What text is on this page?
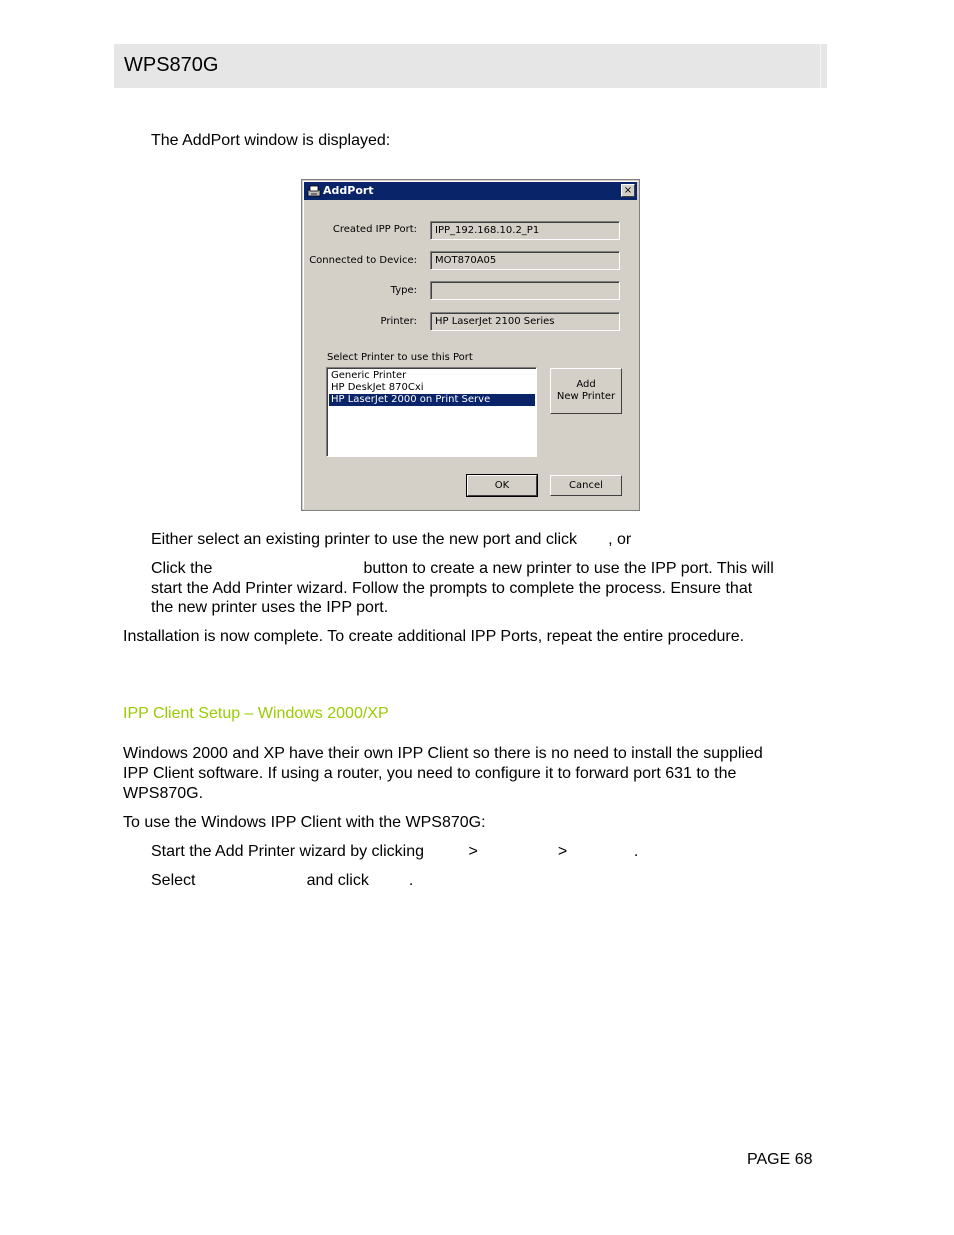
WPS870G
The AddPort window is displayed:
AddPort	×
Created IPP Port:	IPP_192.168.10.2_P1
Connected to Device:	MOT870A05
Type:
Printer:	HP LaserJet 2100 Series
Select Printer to use this Port
Generic Printer
HP DeskJet 870Cxi
HP LaserJet 2000 on Print Serve
Add
New Printer
OK	Cancel
Either select an existing printer to use the new port and click       , or
Click the                                  button to create a new printer to use the IPP port. This will
start the Add Printer wizard. Follow the prompts to complete the process. Ensure that
the new printer uses the IPP port.
Installation is now complete. To create additional IPP Ports, repeat the entire procedure.
IPP Client Setup – Windows 2000/XP
Windows 2000 and XP have their own IPP Client so there is no need to install the supplied
IPP Client software. If using a router, you need to configure it to forward port 631 to the
WPS870G.
To use the Windows IPP Client with the WPS870G:
Start the Add Printer wizard by clicking          >                  >               .
Select                         and click         .
PAGE 68
